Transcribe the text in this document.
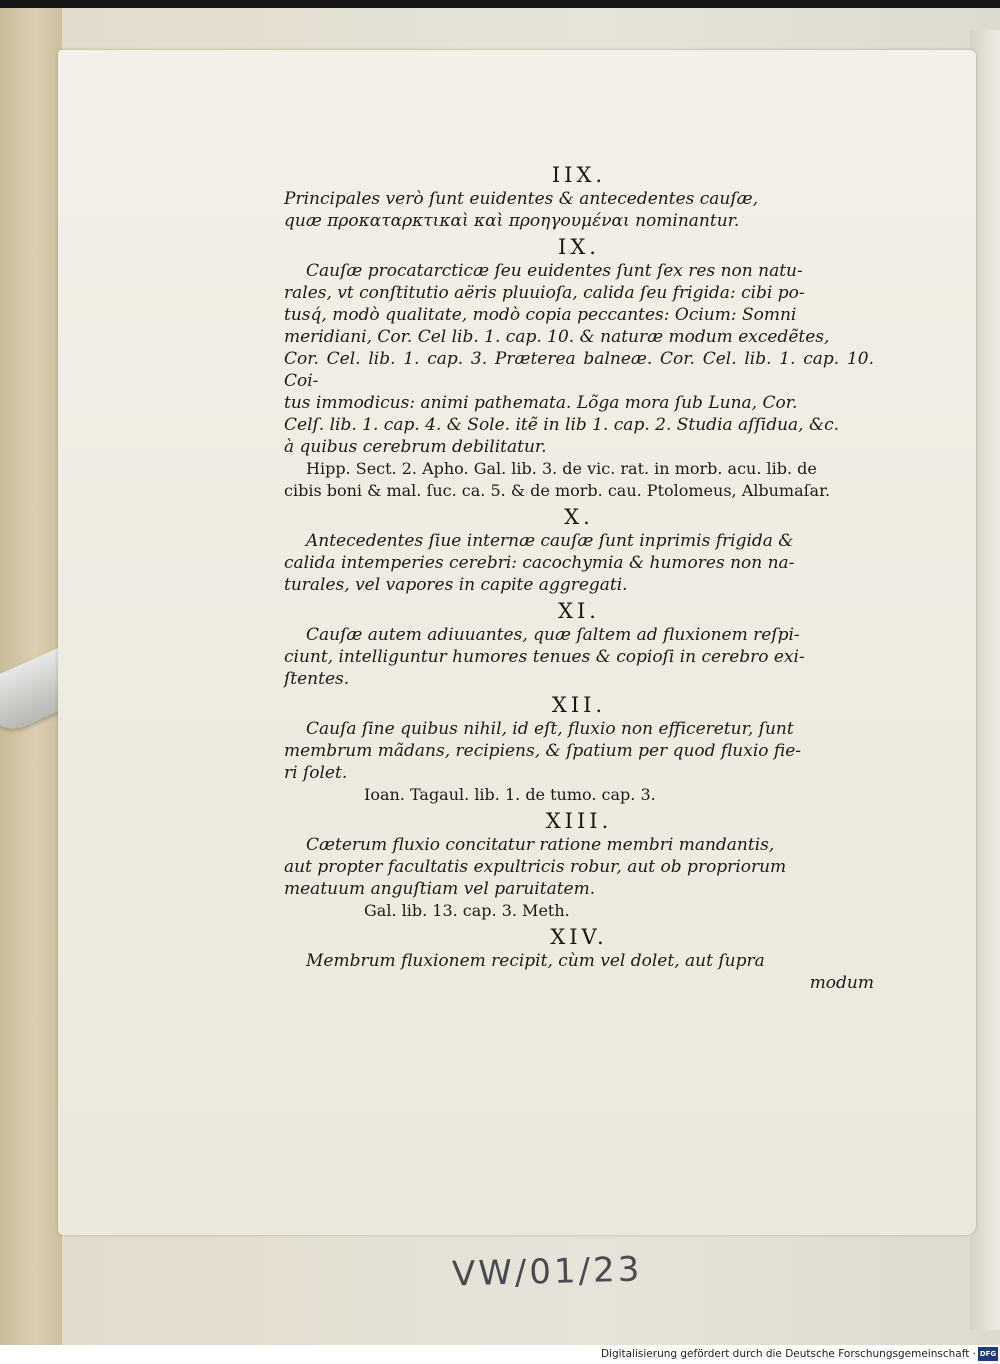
IIX.

Principales verò ſunt euidentes & antecedentes cauſæ,

quæ προκαταρκτικαὶ καὶ προηγουμέναι nominantur.

IX.

Cauſæ procatarcticæ ſeu euidentes ſunt ſex res non natu-

rales, vt conſtitutio aëris pluuioſa, calida ſeu frigida: cibi po-

tusq́, modò qualitate, modò copia peccantes: Ocium: Somni

meridiani, Cor. Cel lib. 1. cap. 10. & naturæ modum excedẽtes,

Cor. Cel. lib. 1. cap. 3. Præterea balneæ. Cor. Cel. lib. 1. cap. 10. Coi-

tus immodicus: animi pathemata. Lõga mora ſub Luna, Cor.

Celſ. lib. 1. cap. 4. & Sole. itẽ in lib 1. cap. 2. Studia aſſidua, &c.

à quibus cerebrum debilitatur.

Hipp. Sect. 2. Apho. Gal. lib. 3. de vic. rat. in morb. acu. lib. de

cibis boni & mal. ſuc. ca. 5. & de morb. cau. Ptolomeus, Albumaſar.

X.

Antecedentes ſiue internæ cauſæ ſunt inprimis frigida &

calida intemperies cerebri: cacochymia & humores non na-

turales, vel vapores in capite aggregati.

XI.

Cauſæ autem adiuuantes, quæ ſaltem ad fluxionem reſpi-

ciunt, intelliguntur humores tenues & copioſi in cerebro exi-

ſtentes.

XII.

Cauſa ſine quibus nihil, id eſt, fluxio non efficeretur, ſunt

membrum mãdans, recipiens, & ſpatium per quod fluxio fie-

ri ſolet.

Ioan. Tagaul. lib. 1. de tumo. cap. 3.

XIII.

Cæterum fluxio concitatur ratione membri mandantis,

aut propter facultatis expultricis robur, aut ob propriorum

meatuum anguſtiam vel paruitatem.

Gal. lib. 13. cap. 3. Meth.

XIV.

Membrum fluxionem recipit, cùm vel dolet, aut ſupra

modum

VW/01/23
Digitalisierung gefördert durch die Deutsche Forschungsgemeinschaft · DFG
